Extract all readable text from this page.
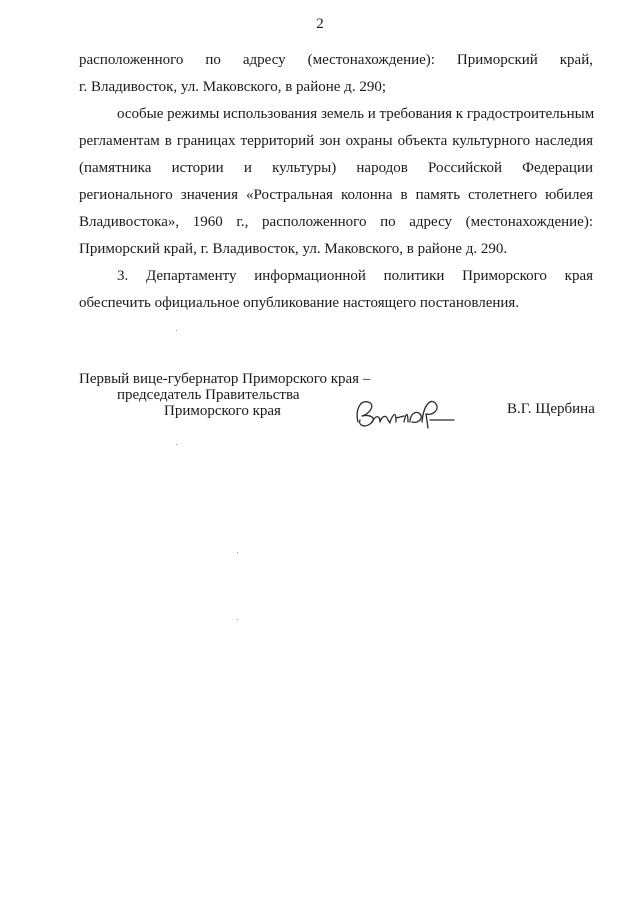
2
расположенного по адресу (местонахождение): Приморский край,
г. Владивосток, ул. Маковского, в районе д. 290;
особые режимы использования земель и требования к градостроительным
регламентам в границах территорий зон охраны объекта культурного наследия
(памятника истории и культуры) народов Российской Федерации
регионального значения «Ростральная колонна в память столетнего юбилея
Владивостока», 1960 г., расположенного по адресу (местонахождение):
Приморский край, г. Владивосток, ул. Маковского, в районе д. 290.
3. Департаменту информационной политики Приморского края
обеспечить официальное опубликование настоящего постановления.
Первый вице-губернатор Приморского края –
председатель Правительства
Приморского края	В.Г. Щербина
